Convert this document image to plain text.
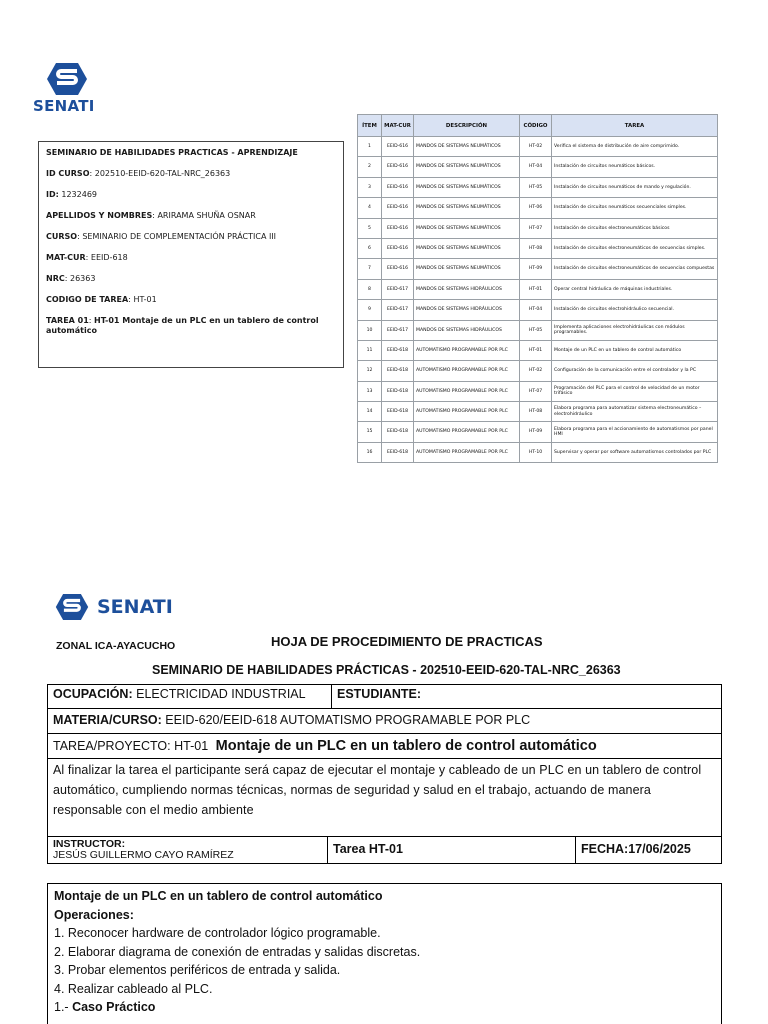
SENATI
SEMINARIO DE HABILIDADES PRACTICAS - APRENDIZAJE
ID CURSO: 202510-EEID-620-TAL-NRC_26363
ID: 1232469
APELLIDOS Y NOMBRES: ARIRAMA SHUÑA OSNAR
CURSO: SEMINARIO DE COMPLEMENTACIÓN PRÁCTICA III
MAT-CUR: EEID-618
NRC: 26363
CODIGO DE TAREA: HT-01
TAREA 01: HT-01 Montaje de un PLC en un tablero de control automático
ÍTEM	MAT-CUR	DESCRIPCIÓN	CÓDIGO	TAREA
1	EEID-616	MANDOS DE SISTEMAS NEUMÁTICOS	HT-02	Verifica el sistema de distribución de aire comprimido.
2	EEID-616	MANDOS DE SISTEMAS NEUMÁTICOS	HT-04	Instalación de circuitos neumáticos básicos.
3	EEID-616	MANDOS DE SISTEMAS NEUMÁTICOS	HT-05	Instalación de circuitos neumáticos de mando y regulación.
4	EEID-616	MANDOS DE SISTEMAS NEUMÁTICOS	HT-06	Instalación de circuitos neumáticos secuenciales simples.
5	EEID-616	MANDOS DE SISTEMAS NEUMÁTICOS	HT-07	Instalación de circuitos electroneumáticos básicos
6	EEID-616	MANDOS DE SISTEMAS NEUMÁTICOS	HT-08	Instalación de circuitos electroneumáticos de secuencias simples.
7	EEID-616	MANDOS DE SISTEMAS NEUMÁTICOS	HT-09	Instalación de circuitos electroneumáticos de secuencias compuestas
8	EEID-617	MANDOS DE SISTEMAS HIDRÁULICOS	HT-01	Operar central hidráulica de máquinas industriales.
9	EEID-617	MANDOS DE SISTEMAS HIDRÁULICOS	HT-04	Instalación de circuitos electrohidráulico secuencial.
10	EEID-617	MANDOS DE SISTEMAS HIDRÁULICOS	HT-05	Implementa aplicaciones electrohidráulicas con módulos programables.
11	EEID-618	AUTOMATISMO PROGRAMABLE POR PLC	HT-01	Montaje de un PLC en un tablero de control automático
12	EEID-618	AUTOMATISMO PROGRAMABLE POR PLC	HT-02	Configuración de la comunicación entre el controlador y la PC
13	EEID-618	AUTOMATISMO PROGRAMABLE POR PLC	HT-07	Programación del PLC para el control de velocidad de un motor trifásico
14	EEID-618	AUTOMATISMO PROGRAMABLE POR PLC	HT-08	Elabora programa para automatizar sistema electroneumático – electrohidráulico
15	EEID-618	AUTOMATISMO PROGRAMABLE POR PLC	HT-09	Elabora programa para el accionamiento de automatismos por panel HMI
16	EEID-618	AUTOMATISMO PROGRAMABLE POR PLC	HT-10	Supervisar y operar por software automatismos controlados por PLC
SENATI
ZONAL ICA-AYACUCHO	HOJA DE PROCEDIMIENTO DE PRACTICAS
SEMINARIO DE HABILIDADES PRÁCTICAS - 202510-EEID-620-TAL-NRC_26363
OCUPACIÓN: ELECTRICIDAD INDUSTRIAL	ESTUDIANTE:
MATERIA/CURSO: EEID-620/EEID-618 AUTOMATISMO PROGRAMABLE POR PLC
TAREA/PROYECTO: HT-01 Montaje de un PLC en un tablero de control automático
Al finalizar la tarea el participante será capaz de ejecutar el montaje y cableado de un PLC en un tablero de control automático, cumpliendo normas técnicas, normas de seguridad y salud en el trabajo, actuando de manera responsable con el medio ambiente
INSTRUCTOR:
JESÚS GUILLERMO CAYO RAMÍREZ	Tarea HT-01	FECHA:17/06/2025
Montaje de un PLC en un tablero de control automático
Operaciones:
1. Reconocer hardware de controlador lógico programable.
2. Elaborar diagrama de conexión de entradas y salidas discretas.
3. Probar elementos periféricos de entrada y salida.
4. Realizar cableado al PLC.
1.- Caso Práctico
